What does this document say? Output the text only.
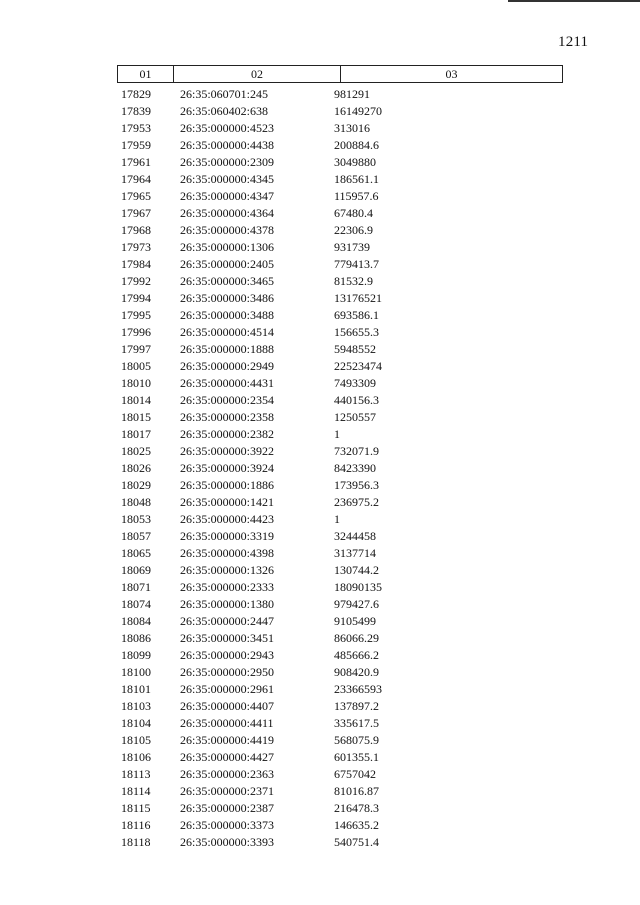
1211
01	02	03
17829 26:35:060701:245	981291
17839 26:35:060402:638	16149270
17953 26:35:000000:4523	313016
17959 26:35:000000:4438	200884.6
17961 26:35:000000:2309	3049880
17964 26:35:000000:4345	186561.1
17965 26:35:000000:4347	115957.6
17967 26:35:000000:4364	67480.4
17968 26:35:000000:4378	22306.9
17973 26:35:000000:1306	931739
17984 26:35:000000:2405	779413.7
17992 26:35:000000:3465	81532.9
17994 26:35:000000:3486	13176521
17995 26:35:000000:3488	693586.1
17996 26:35:000000:4514	156655.3
17997 26:35:000000:1888	5948552
18005 26:35:000000:2949	22523474
18010 26:35:000000:4431	7493309
18014 26:35:000000:2354	440156.3
18015 26:35:000000:2358	1250557
18017 26:35:000000:2382	1
18025 26:35:000000:3922	732071.9
18026 26:35:000000:3924	8423390
18029 26:35:000000:1886	173956.3
18048 26:35:000000:1421	236975.2
18053 26:35:000000:4423	1
18057 26:35:000000:3319	3244458
18065 26:35:000000:4398	3137714
18069 26:35:000000:1326	130744.2
18071 26:35:000000:2333	18090135
18074 26:35:000000:1380	979427.6
18084 26:35:000000:2447	9105499
18086 26:35:000000:3451	86066.29
18099 26:35:000000:2943	485666.2
18100 26:35:000000:2950	908420.9
18101 26:35:000000:2961	23366593
18103 26:35:000000:4407	137897.2
18104 26:35:000000:4411	335617.5
18105 26:35:000000:4419	568075.9
18106 26:35:000000:4427	601355.1
18113 26:35:000000:2363	6757042
18114 26:35:000000:2371	81016.87
18115 26:35:000000:2387	216478.3
18116 26:35:000000:3373	146635.2
18118 26:35:000000:3393	540751.4
